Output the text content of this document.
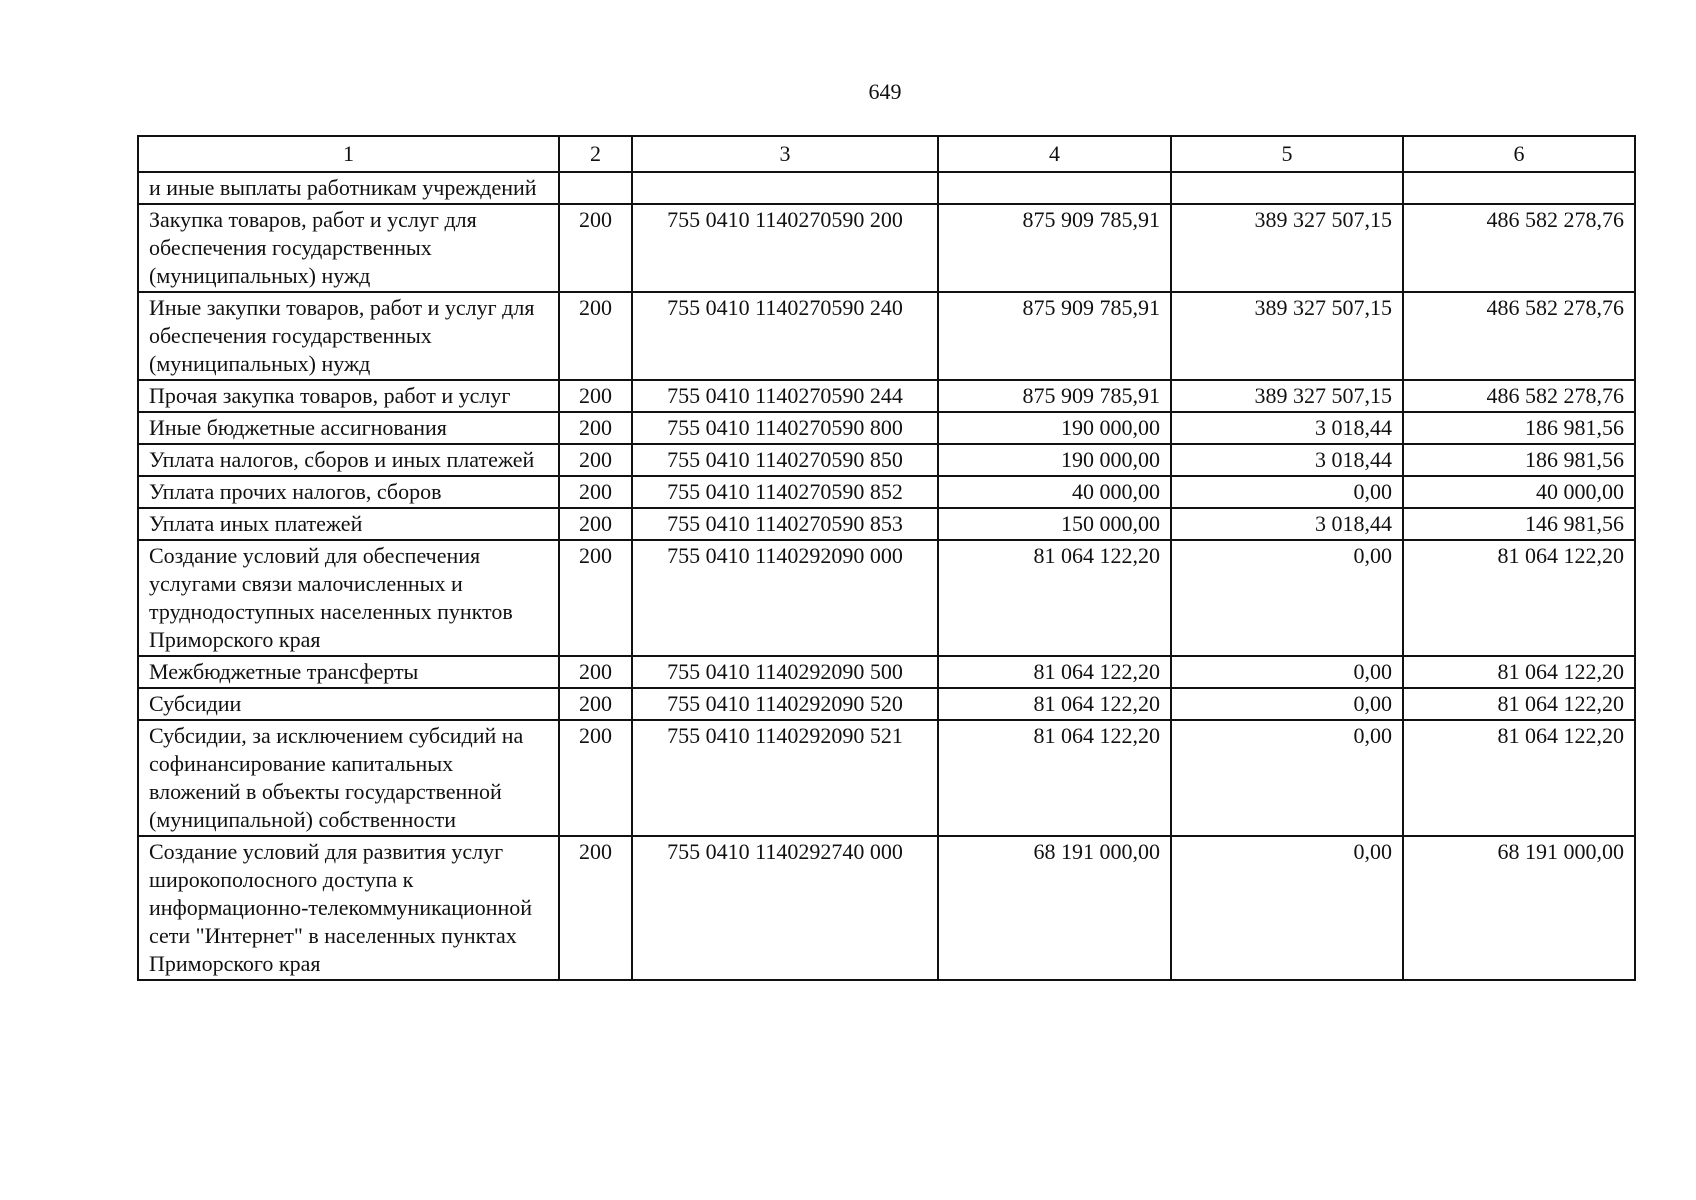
649
1	2	3	4	5	6
и иные выплаты работникам учреждений					
Закупка товаров, работ и услуг для обеспечения государственных (муниципальных) нужд	200	755 0410 1140270590 200	875 909 785,91	389 327 507,15	486 582 278,76
Иные закупки товаров, работ и услуг для обеспечения государственных (муниципальных) нужд	200	755 0410 1140270590 240	875 909 785,91	389 327 507,15	486 582 278,76
Прочая закупка товаров, работ и услуг	200	755 0410 1140270590 244	875 909 785,91	389 327 507,15	486 582 278,76
Иные бюджетные ассигнования	200	755 0410 1140270590 800	190 000,00	3 018,44	186 981,56
Уплата налогов, сборов и иных платежей	200	755 0410 1140270590 850	190 000,00	3 018,44	186 981,56
Уплата прочих налогов, сборов	200	755 0410 1140270590 852	40 000,00	0,00	40 000,00
Уплата иных платежей	200	755 0410 1140270590 853	150 000,00	3 018,44	146 981,56
Создание условий для обеспечения услугами связи малочисленных и труднодоступных населенных пунктов Приморского края	200	755 0410 1140292090 000	81 064 122,20	0,00	81 064 122,20
Межбюджетные трансферты	200	755 0410 1140292090 500	81 064 122,20	0,00	81 064 122,20
Субсидии	200	755 0410 1140292090 520	81 064 122,20	0,00	81 064 122,20
Субсидии, за исключением субсидий на софинансирование капитальных вложений в объекты государственной (муниципальной) собственности	200	755 0410 1140292090 521	81 064 122,20	0,00	81 064 122,20
Создание условий для развития услуг широкополосного доступа к информационно-телекоммуникационной сети "Интернет" в населенных пунктах Приморского края	200	755 0410 1140292740 000	68 191 000,00	0,00	68 191 000,00
